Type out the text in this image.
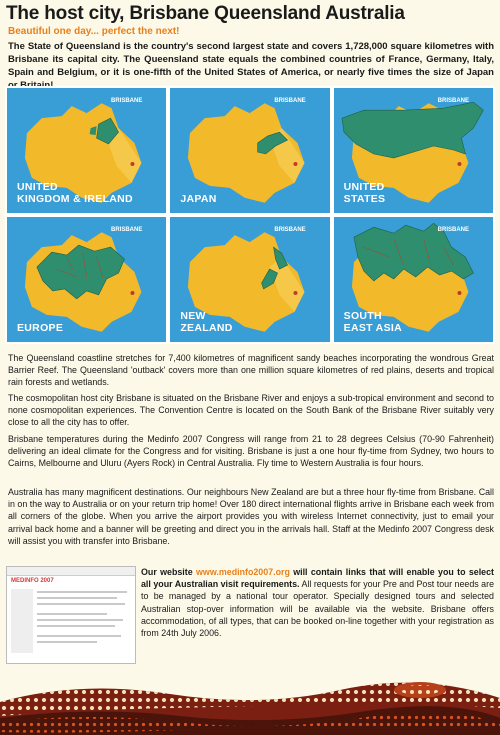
The host city, Brisbane Queensland Australia
Beautiful one day... perfect the next!
The State of Queensland is the country's second largest state and covers 1,728,000 square kilometres with Brisbane its capital city. The Queensland state equals the combined countries of France, Germany, Italy, Spain and Belgium, or it is one-fifth of the United States of America, or nearly five times the size of Japan
BRISBANE
UNITED
KINGDOM & IRELAND
BRISBANE
JAPAN
BRISBANE
UNITED
STATES
BRISBANE
EUROPE
BRISBANE
NEW
ZEALAND
BRISBANE
SOUTH
EAST ASIA

The Queensland coastline stretches for 7,400 kilometres of magnificent sandy beaches incorporating the wondrous Great Barrier Reef. The Queensland 'outback' covers more than one million square kilometres of red plains, deserts and tropical rain forests and wetlands.

The cosmopolitan host city Brisbane is situated on the Brisbane River and enjoys a sub-tropical environment and second to none cosmopolitan experiences. The Convention Centre is located on the South Bank of the Brisbane River suitably very close to all the city has to offer.

Brisbane temperatures during the Medinfo 2007 Congress will range from 21 to 28 degrees Celsius (70-90 Fahrenheit) delivering an ideal climate for the Congress and for visiting. Brisbane is just a one hour fly-time from Sydney, two hours to Cairns, Melbourne and Uluru (Ayers Rock) in Central Australia. Fly time to Western Australia is four hours.

Australia has many magnificent destinations. Our neighbours New Zealand are but a three hour fly-time from Brisbane. Call in on the way to Australia or on your return trip home! Over 180 direct international flights arrive in Brisbane each week from all corners of the globe. When you arrive the airport provides you with wireless Internet connectivity, just to email your arrival back home and a banner will be greeting and direct you in the arrivals hall. Staff at the Medinfo 2007 Congress desk will assist you with transfer into Brisbane.

MEDINFO 2007
Our website www.medinfo2007.org will contain links that will enable you to select all your Australian visit requirements. All requests for your Pre and Post tour needs are to be managed by a national tour operator. Specially designed tours and selected Australian stop-over information will be available via the website. Brisbane offers accommodation, of all types, that can be booked on-line together with your registration as from 24th July 2006.
